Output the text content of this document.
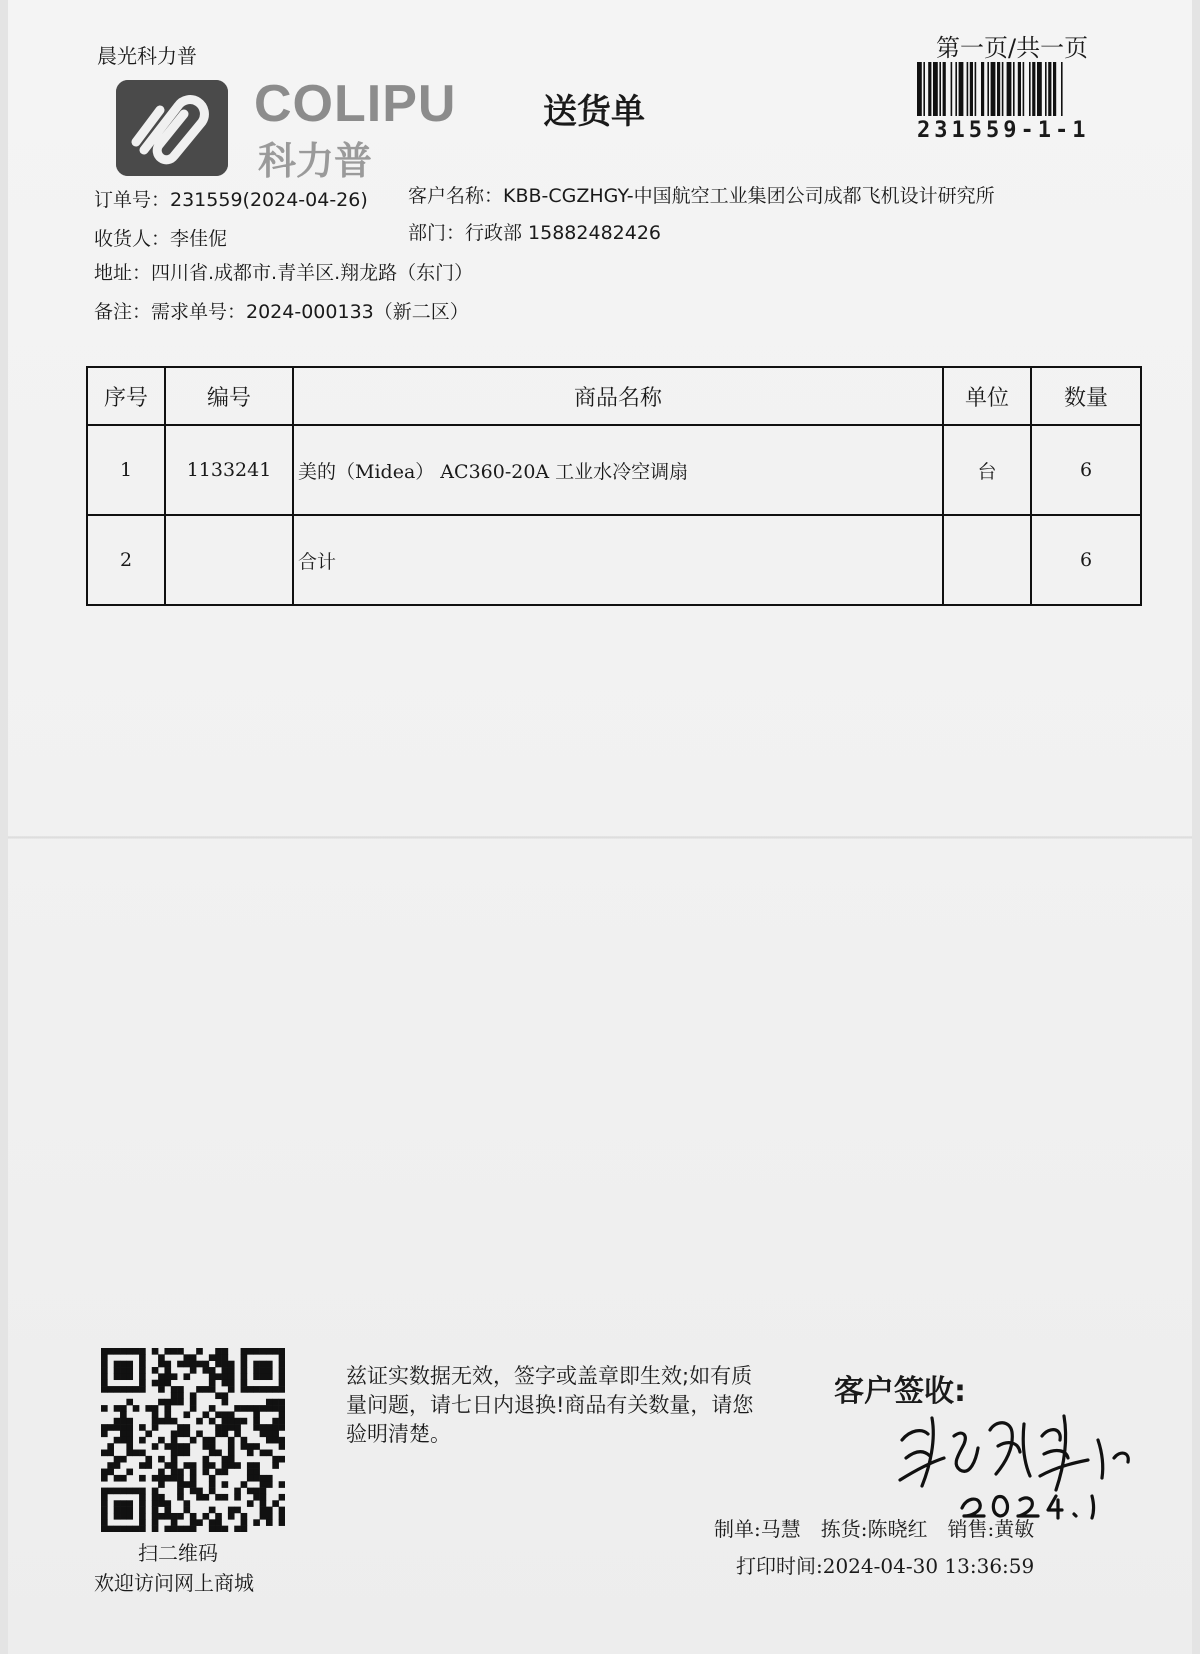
晨光科力普	第一页/共一页
COLIPU
科力普
送货单	231559-1-1
订单号：231559(2024-04-26) 客户名称：KBB-CGZHGY-中国航空工业集团公司成都飞机设计研究所
收货人：李佳伲	部门：行政部 15882482426
地址：四川省.成都市.青羊区.翔龙路（东门）
备注：需求单号：2024-000133（新二区）
序号	编号	商品名称	单位	数量
1	1133241	美的（Midea） AC360-20A 工业水冷空调扇	台	6
2		合计		6
扫二维码
欢迎访问网上商城
兹证实数据无效，签字或盖章即生效;如有质量问题，请七日内退换!商品有关数量，请您验明清楚。
客户签收:
制单:马慧　拣货:陈晓红　销售:黄敏
打印时间:2024-04-30 13:36:59
